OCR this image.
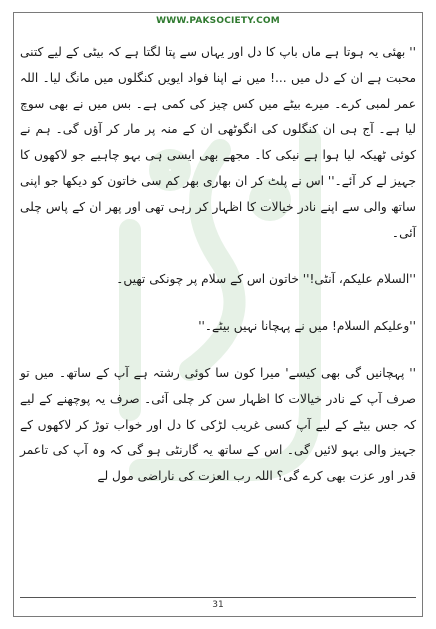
WWW.PAKSOCIETY.COM

'' بھئی یہ ہوتا ہے ماں باپ کا دل اور یہاں سے پتا لگتا ہے کہ بیٹی کے لیے کتنی محبت ہے ان کے دل میں ...! میں نے اپنا فواد ایویں کنگلوں میں مانگ لیا۔ اللہ عمر لمبی کرے۔ میرے بیٹے میں کس چیز کی کمی ہے۔ بس میں نے بھی سوچ لیا ہے۔ آج ہی ان کنگلوں کی انگوٹھی ان کے منہ پر مار کر آؤں گی۔ ہم نے کوئی ٹھیکہ لیا ہوا ہے نیکی کا۔ مجھے بھی ایسی ہی بہو چاہیے جو لاکھوں کا جہیز لے کر آئے۔'' اس نے پلٹ کر ان بھاری بھر کم سی خاتون کو دیکھا جو اپنی ساتھ والی سے اپنے نادر خیالات کا اظہار کر رہی تھی اور پھر ان کے پاس چلی آئی۔

''السلام علیکم، آنٹی!'' خاتون اس کے سلام پر چونکی تھیں۔

''وعلیکم السلام! میں نے پہچانا نہیں بیٹے۔''

'' پہچانیں گی بھی کیسے' میرا کون سا کوئی رشتہ ہے آپ کے ساتھ۔ میں تو صرف آپ کے نادر خیالات کا اظہار سن کر چلی آئی۔ صرف یہ پوچھنے کے لیے کہ جس بیٹے کے لیے آپ کسی غریب لڑکی کا دل اور خواب توڑ کر لاکھوں کے جہیز والی بہو لائیں گی۔ اس کے ساتھ یہ گارنٹی ہو گی کہ وہ آپ کی تاعمر قدر اور عزت بھی کرے گی؟ اللہ رب العزت کی ناراضی مول لے

31
